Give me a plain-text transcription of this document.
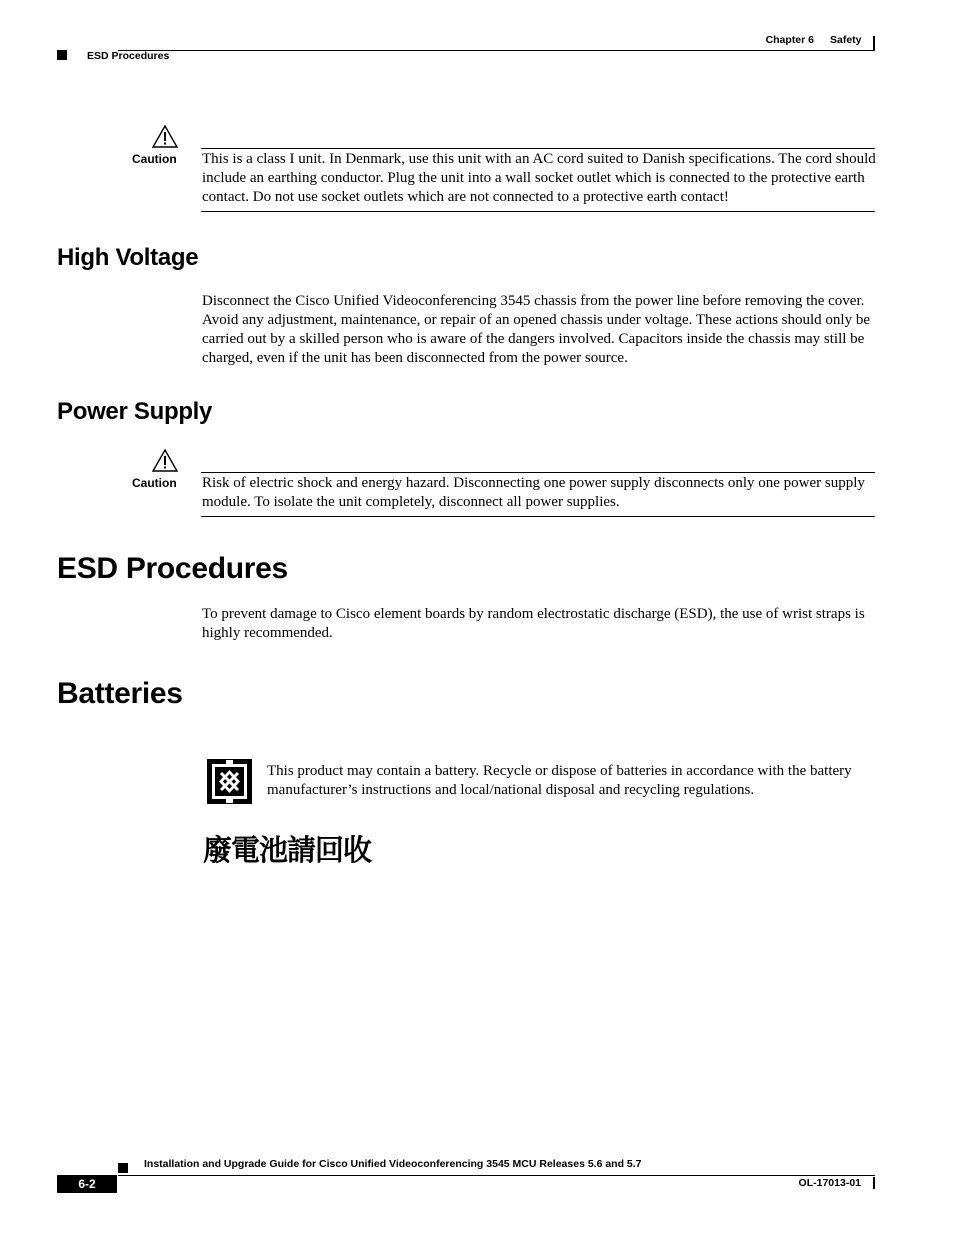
Chapter 6 Safety
ESD Procedures
Caution This is a class I unit. In Denmark, use this unit with an AC cord suited to Danish specifications. The cord should include an earthing conductor. Plug the unit into a wall socket outlet which is connected to the protective earth contact. Do not use socket outlets which are not connected to a protective earth contact!
High Voltage
Disconnect the Cisco Unified Videoconferencing 3545 chassis from the power line before removing the cover. Avoid any adjustment, maintenance, or repair of an opened chassis under voltage. These actions should only be carried out by a skilled person who is aware of the dangers involved. Capacitors inside the chassis may still be charged, even if the unit has been disconnected from the power source.
Power Supply
Caution Risk of electric shock and energy hazard. Disconnecting one power supply disconnects only one power supply module. To isolate the unit completely, disconnect all power supplies.
ESD Procedures
To prevent damage to Cisco element boards by random electrostatic discharge (ESD), the use of wrist straps is highly recommended.
Batteries
This product may contain a battery. Recycle or dispose of batteries in accordance with the battery manufacturer’s instructions and local/national disposal and recycling regulations.
廢電池請回收
Installation and Upgrade Guide for Cisco Unified Videoconferencing 3545 MCU Releases 5.6 and 5.7
6-2	OL-17013-01
